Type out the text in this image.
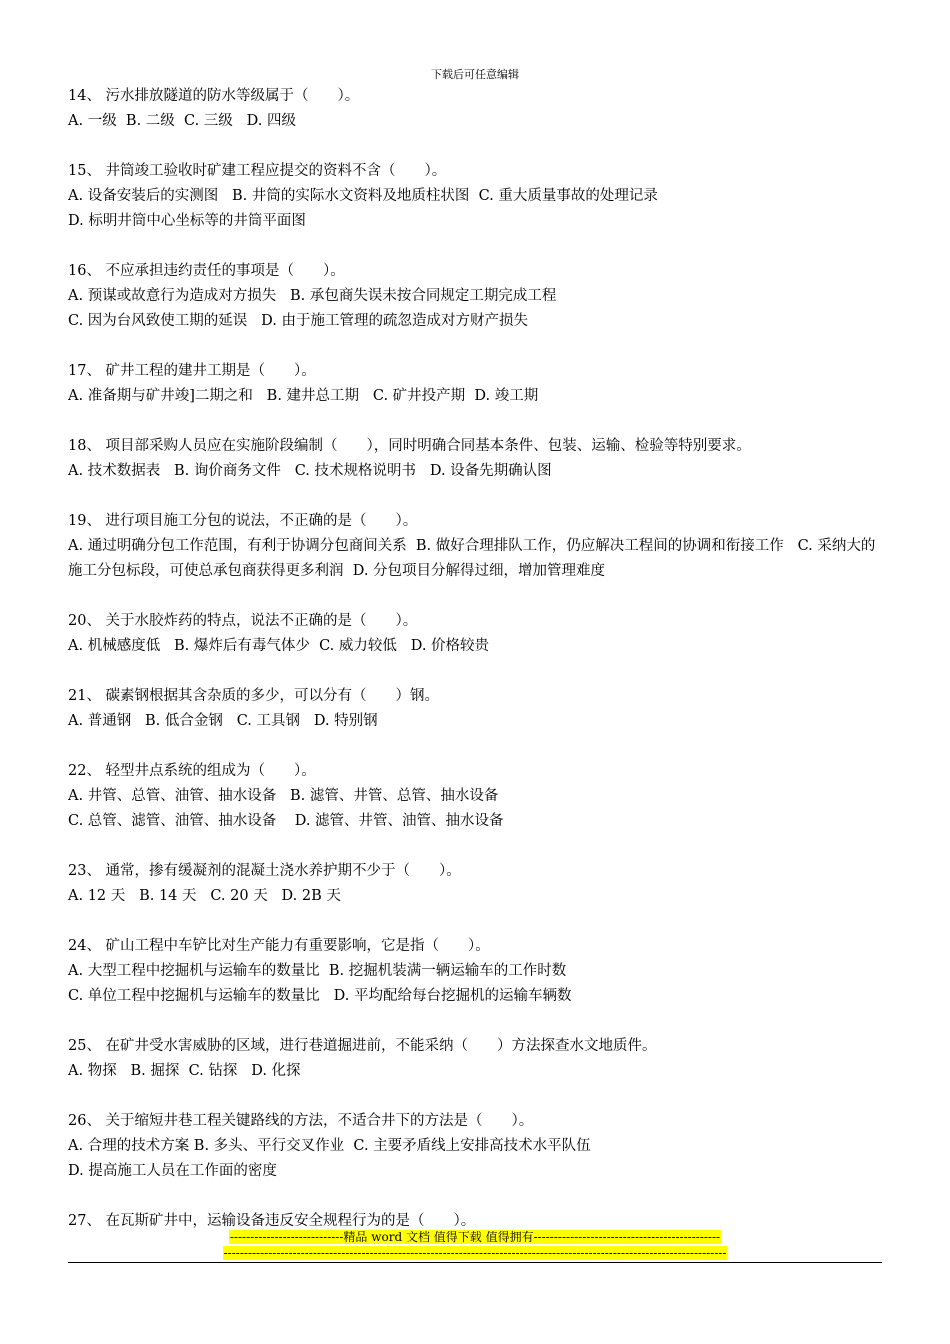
下载后可任意编辑
14、 污水排放隧道的防水等级属于（　　）。
A. 一级  B. 二级  C. 三级   D. 四级
15、 井筒竣工验收时矿建工程应提交的资料不含（　　）。
A. 设备安装后的实测图   B. 井筒的实际水文资料及地质柱状图  C. 重大质量事故的处理记录
D. 标明井筒中心坐标等的井筒平面图
16、 不应承担违约责任的事项是（　　）。
A. 预谋或故意行为造成对方损失   B. 承包商失误未按合同规定工期完成工程
C. 因为台风致使工期的延误   D. 由于施工管理的疏忽造成对方财产损失
17、 矿井工程的建井工期是（　　）。
A. 准备期与矿井竣]二期之和   B. 建井总工期   C. 矿井投产期  D. 竣工期
18、 项目部采购人员应在实施阶段编制（　　），同时明确合同基本条件、包装、运输、检验等特别要求。
A. 技术数据表   B. 询价商务文件   C. 技术规格说明书   D. 设备先期确认图
19、 进行项目施工分包的说法，不正确的是（　　）。
A. 通过明确分包工作范围，有利于协调分包商间关系  B. 做好合理排队工作，仍应解决工程间的协调和衔接工作   C. 采纳大的施工分包标段，可使总承包商获得更多利润  D. 分包项目分解得过细，增加管理难度
20、 关于水胶炸药的特点，说法不正确的是（　　）。
A. 机械感度低   B. 爆炸后有毒气体少  C. 威力较低   D. 价格较贵
21、 碳素钢根据其含杂质的多少，可以分有（　　）钢。
A. 普通钢   B. 低合金钢   C. 工具钢   D. 特别钢
22、 轻型井点系统的组成为（　　）。
A. 井管、总管、油管、抽水设备   B. 滤管、井管、总管、抽水设备
C. 总管、滤管、油管、抽水设备    D. 滤管、井管、油管、抽水设备
23、 通常，掺有缓凝剂的混凝土浇水养护期不少于（　　）。
A. 12 天   B. 14 天   C. 20 天   D. 2B 天
24、 矿山工程中车铲比对生产能力有重要影响，它是指（　　）。
A. 大型工程中挖掘机与运输车的数量比  B. 挖掘机装满一辆运输车的工作时数
C. 单位工程中挖掘机与运输车的数量比   D. 平均配给每台挖掘机的运输车辆数
25、 在矿井受水害威胁的区域，进行巷道掘进前，不能采纳（　　）方法探查水文地质件。
A. 物探   B. 掘探  C. 钻探   D. 化探
26、 关于缩短井巷工程关键路线的方法，不适合井下的方法是（　　）。
A. 合理的技术方案 B. 多头、平行交叉作业  C. 主要矛盾线上安排高技术水平队伍
D. 提高施工人员在工作面的密度
27、 在瓦斯矿井中，运输设备违反安全规程行为的是（　　）。
----------------------------精品 word 文档 值得下载 值得拥有----------------------------------------------
----------------------------------------------------------------------------------------------------------------------------
